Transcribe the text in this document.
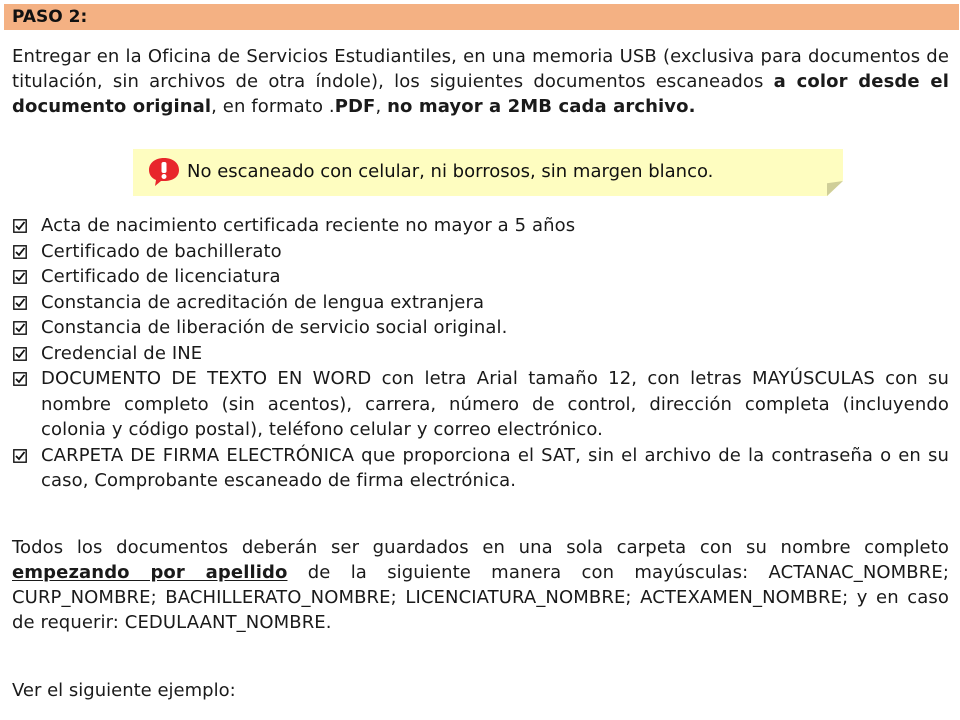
PASO 2:

Entregar en la Oficina de Servicios Estudiantiles, en una memoria USB (exclusiva para documentos de titulación, sin archivos de otra índole), los siguientes documentos escaneados a color desde el documento original, en formato .PDF, no mayor a 2MB cada archivo.

No escaneado con celular, ni borrosos, sin margen blanco.
Acta de nacimiento certificada reciente no mayor a 5 años
Certificado de bachillerato
Certificado de licenciatura
Constancia de acreditación de lengua extranjera
Constancia de liberación de servicio social original.
Credencial de INE
DOCUMENTO DE TEXTO EN WORD con letra Arial tamaño 12, con letras MAYÚSCULAS con su nombre completo (sin acentos), carrera, número de control, dirección completa (incluyendo colonia y código postal), teléfono celular y correo electrónico.
CARPETA DE FIRMA ELECTRÓNICA que proporciona el SAT, sin el archivo de la contraseña o en su caso, Comprobante escaneado de firma electrónica.

Todos los documentos deberán ser guardados en una sola carpeta con su nombre completo empezando por apellido de la siguiente manera con mayúsculas: ACTANAC_NOMBRE; CURP_NOMBRE; BACHILLERATO_NOMBRE; LICENCIATURA_NOMBRE; ACTEXAMEN_NOMBRE; y en caso de requerir: CEDULAANT_NOMBRE.

Ver el siguiente ejemplo:
